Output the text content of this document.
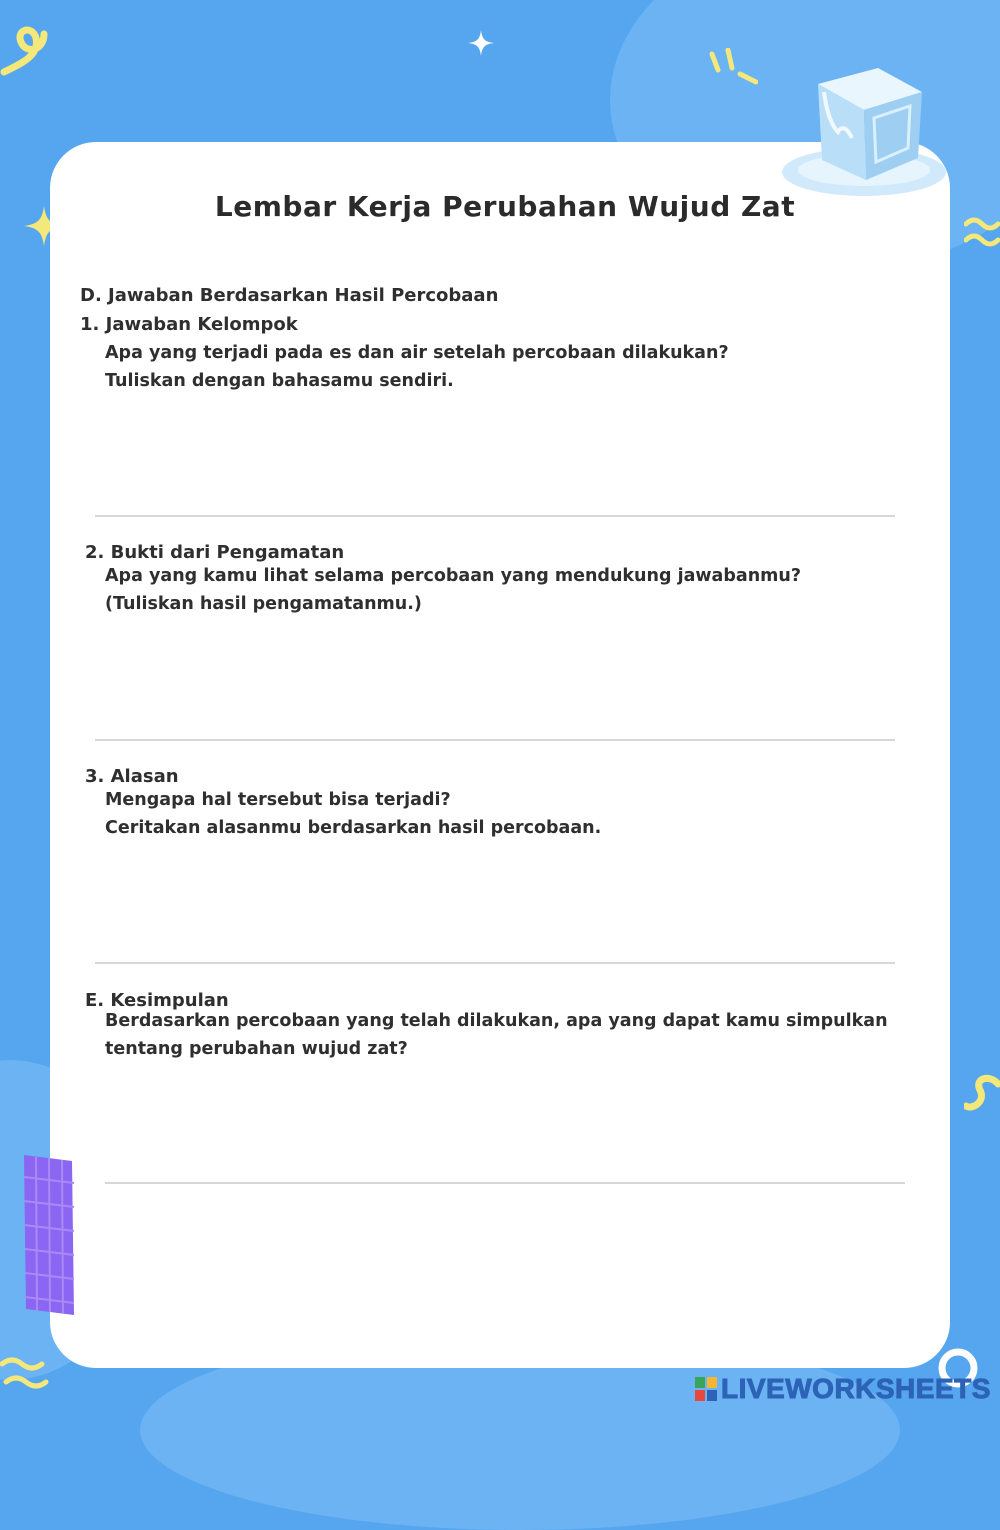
Lembar Kerja Perubahan Wujud Zat

D. Jawaban Berdasarkan Hasil Percobaan

1. Jawaban Kelompok

Apa yang terjadi pada es dan air setelah percobaan dilakukan?

Tuliskan dengan bahasamu sendiri.

2. Bukti dari Pengamatan

Apa yang kamu lihat selama percobaan yang mendukung jawabanmu?

(Tuliskan hasil pengamatanmu.)

3. Alasan

Mengapa hal tersebut bisa terjadi?

Ceritakan alasanmu berdasarkan hasil percobaan.

E. Kesimpulan

Berdasarkan percobaan yang telah dilakukan, apa yang dapat kamu simpulkan

tentang perubahan wujud zat?

LIVEWORKSHEETS
